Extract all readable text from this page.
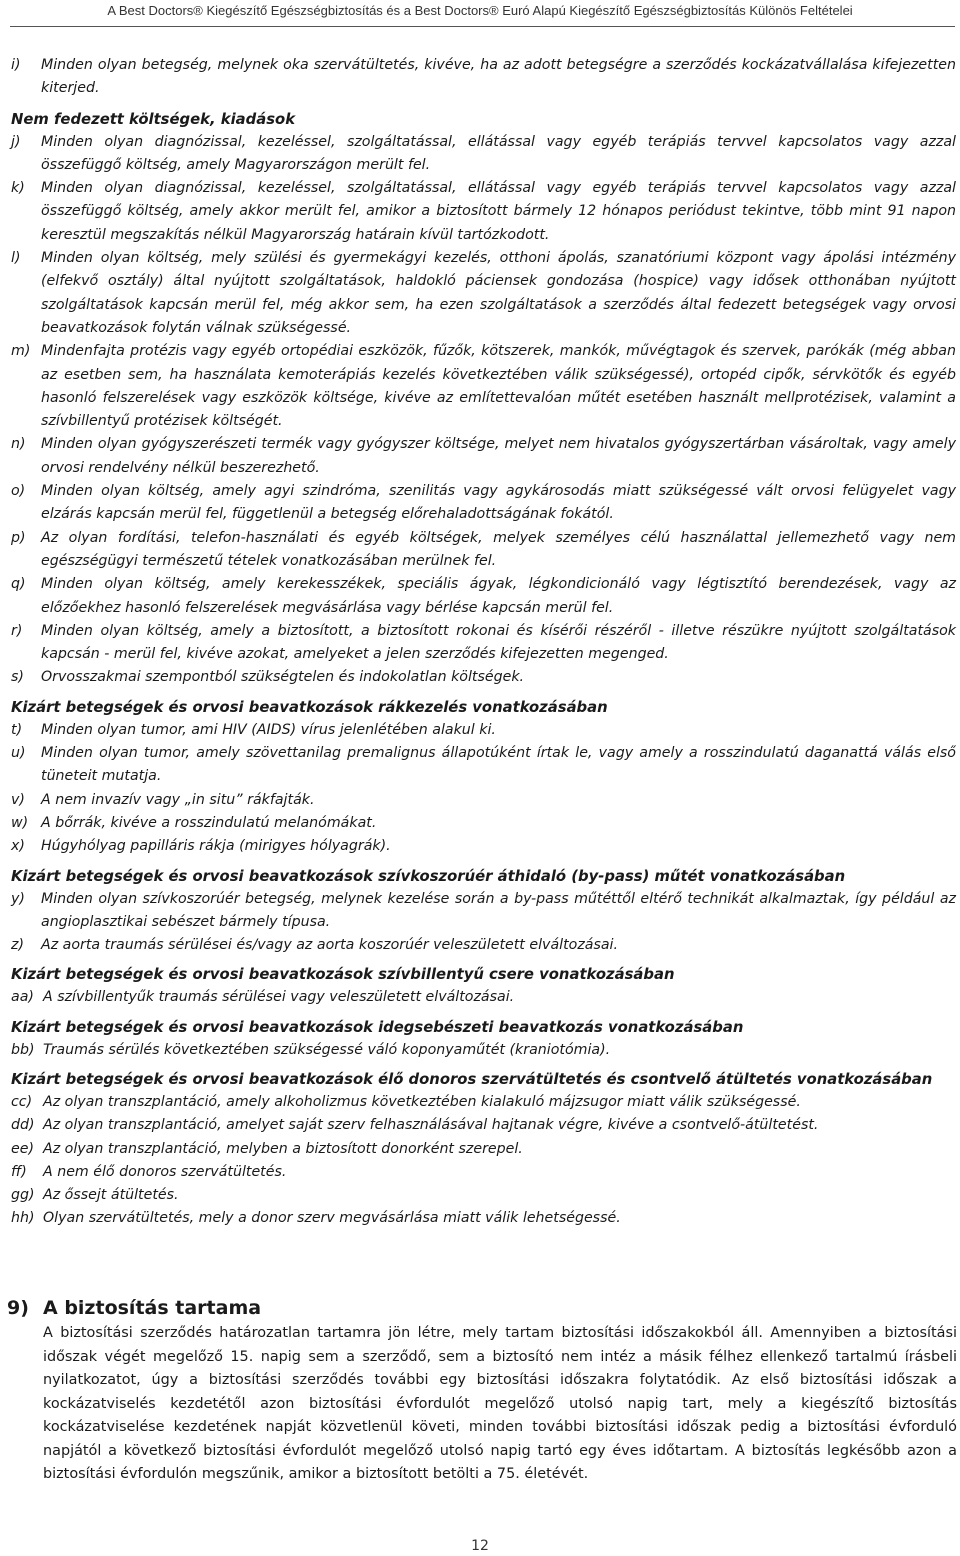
A Best Doctors® Kiegészítő Egészségbiztosítás és a Best Doctors® Euró Alapú Kiegészítő Egészségbiztosítás Különös Feltételei
i)	Minden olyan betegség, melynek oka szervátültetés, kivéve, ha az adott betegségre a szerződés kockázatvállalása kifejezetten kiterjed.
Nem fedezett költségek, kiadások
j)	Minden olyan diagnózissal, kezeléssel, szolgáltatással, ellátással vagy egyéb terápiás tervvel kapcsolatos vagy azzal összefüggő költség, amely Magyarországon merült fel.
k)	Minden olyan diagnózissal, kezeléssel, szolgáltatással, ellátással vagy egyéb terápiás tervvel kapcsolatos vagy azzal összefüggő költség, amely akkor merült fel, amikor a biztosított bármely 12 hónapos periódust tekintve, több mint 91 napon keresztül megszakítás nélkül Magyarország határain kívül tartózkodott.
l)	Minden olyan költség, mely szülési és gyermekágyi kezelés, otthoni ápolás, szanatóriumi központ vagy ápolási intézmény (elfekvő osztály) által nyújtott szolgáltatások, haldokló páciensek gondozása (hospice) vagy idősek otthonában nyújtott szolgáltatások kapcsán merül fel, még akkor sem, ha ezen szolgáltatások a szerződés által fedezett betegségek vagy orvosi beavatkozások folytán válnak szükségessé.
m) Mindenfajta protézis vagy egyéb ortopédiai eszközök, fűzők, kötszerek, mankók, művégtagok és szervek, parókák (még abban az esetben sem, ha használata kemoterápiás kezelés következtében válik szükségessé), ortopéd cipők, sérvkötők és egyéb hasonló felszerelések vagy eszközök költsége, kivéve az említettevalóan műtét esetében használt mellprotézisek, valamint a szívbillentyű protézisek költségét.
n)	Minden olyan gyógyszerészeti termék vagy gyógyszer költsége, melyet nem hivatalos gyógyszertárban vásároltak, vagy amely orvosi rendelvény nélkül beszerezhető.
o)	Minden olyan költség, amely agyi szindróma, szenilitás vagy agykárosodás miatt szükségessé vált orvosi felügyelet vagy elzárás kapcsán merül fel, függetlenül a betegség előrehaladottságának fokától.
p)	Az olyan fordítási, telefon-használati és egyéb költségek, melyek személyes célú használattal jellemezhető vagy nem egészségügyi természetű tételek vonatkozásában merülnek fel.
q)	Minden olyan költség, amely kerekesszékek, speciális ágyak, légkondicionáló vagy légtisztító berendezések, vagy az előzőekhez hasonló felszerelések megvásárlása vagy bérlése kapcsán merül fel.
r)	Minden olyan költség, amely a biztosított, a biztosított rokonai és kísérői részéről - illetve részükre nyújtott szolgáltatások kapcsán - merül fel, kivéve azokat, amelyeket a jelen szerződés kifejezetten megenged.
s)	Orvosszakmai szempontból szükségtelen és indokolatlan költségek.
Kizárt betegségek és orvosi beavatkozások rákkezelés vonatkozásában
t)	Minden olyan tumor, ami HIV (AIDS) vírus jelenlétében alakul ki.
u)	Minden olyan tumor, amely szövettanilag premalignus állapotúként írtak le, vagy amely a rosszindulatú daganattá válás első tüneteit mutatja.
v)	A nem invazív vagy „in situ” rákfajták.
w) A bőrrák, kivéve a rosszindulatú melanómákat.
x)	Húgyhólyag papilláris rákja (mirigyes hólyagrák).
Kizárt betegségek és orvosi beavatkozások szívkoszorúér áthidaló (by-pass) műtét vonatkozásában
y)	Minden olyan szívkoszorúér betegség, melynek kezelése során a by-pass műtéttől eltérő technikát alkalmaztak, így például az angioplasztikai sebészet bármely típusa.
z)	Az aorta traumás sérülései és/vagy az aorta koszorúér veleszületett elváltozásai.
Kizárt betegségek és orvosi beavatkozások szívbillentyű csere vonatkozásában
aa) A szívbillentyűk traumás sérülései vagy veleszületett elváltozásai.
Kizárt betegségek és orvosi beavatkozások idegsebészeti beavatkozás vonatkozásában
bb) Traumás sérülés következtében szükségessé váló koponyaműtét (kraniotómia).
Kizárt betegségek és orvosi beavatkozások élő donoros szervátültetés és csontvelő átültetés vonatkozásában
cc) Az olyan transzplantáció, amely alkoholizmus következtében kialakuló májzsugor miatt válik szükségessé.
dd) Az olyan transzplantáció, amelyet saját szerv felhasználásával hajtanak végre, kivéve a csontvelő-átültetést.
ee) Az olyan transzplantáció, melyben a biztosított donorként szerepel.
ff)	A nem élő donoros szervátültetés.
gg) Az őssejt átültetés.
hh) Olyan szervátültetés, mely a donor szerv megvásárlása miatt válik lehetségessé.
9) A biztosítás tartama
A biztosítási szerződés határozatlan tartamra jön létre, mely tartam biztosítási időszakokból áll. Amennyiben a biztosítási időszak végét megelőző 15. napig sem a szerződő, sem a biztosító nem intéz a másik félhez ellenkező tartalmú írásbeli nyilatkozatot, úgy a biztosítási szerződés további egy biztosítási időszakra folytatódik. Az első biztosítási időszak a kockázatviselés kezdetétől azon biztosítási évfordulót megelőző utolsó napig tart, mely a kiegészítő biztosítás kockázatviselése kezdetének napját közvetlenül követi, minden további biztosítási időszak pedig a biztosítási évforduló napjától a következő biztosítási évfordulót megelőző utolsó napig tartó egy éves időtartam. A biztosítás legkésőbb azon a biztosítási évfordulón megszűnik, amikor a biztosított betölti a 75. életévét.
12
